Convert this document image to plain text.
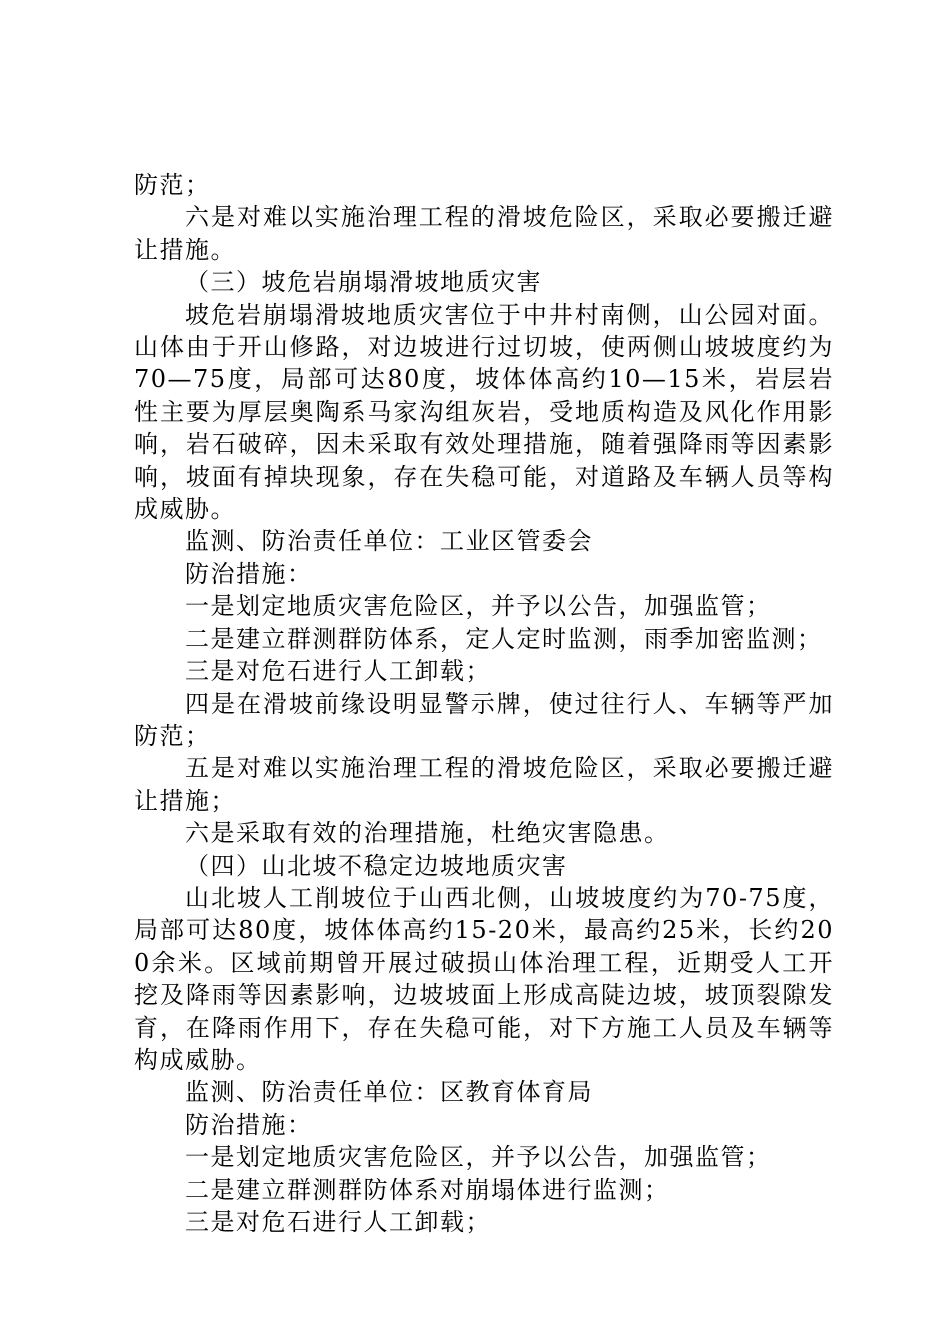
防范；

六是对难以实施治理工程的滑坡危险区，采取必要搬迁避让措施。

（三）坡危岩崩塌滑坡地质灾害

坡危岩崩塌滑坡地质灾害位于中井村南侧，山公园对面。山体由于开山修路，对边坡进行过切坡，使两侧山坡坡度约为70—75度，局部可达80度，坡体体高约10—15米，岩层岩性主要为厚层奥陶系马家沟组灰岩，受地质构造及风化作用影响，岩石破碎，因未采取有效处理措施，随着强降雨等因素影响，坡面有掉块现象，存在失稳可能，对道路及车辆人员等构成威胁。

监测、防治责任单位：工业区管委会

防治措施：

一是划定地质灾害危险区，并予以公告，加强监管；

二是建立群测群防体系，定人定时监测，雨季加密监测；

三是对危石进行人工卸载；

四是在滑坡前缘设明显警示牌，使过往行人、车辆等严加防范；

五是对难以实施治理工程的滑坡危险区，采取必要搬迁避让措施；

六是采取有效的治理措施，杜绝灾害隐患。

（四）山北坡不稳定边坡地质灾害

山北坡人工削坡位于山西北侧，山坡坡度约为70-75度，局部可达80度，坡体体高约15-20米，最高约25米，长约200余米。区域前期曾开展过破损山体治理工程，近期受人工开挖及降雨等因素影响，边坡坡面上形成高陡边坡，坡顶裂隙发育，在降雨作用下，存在失稳可能，对下方施工人员及车辆等构成威胁。

监测、防治责任单位：区教育体育局

防治措施：

一是划定地质灾害危险区，并予以公告，加强监管；

二是建立群测群防体系对崩塌体进行监测；

三是对危石进行人工卸载；
